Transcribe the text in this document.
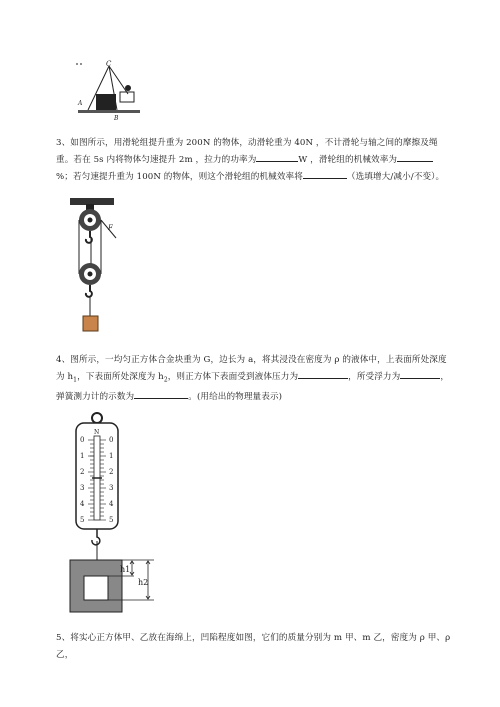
C
A
B
3、如图所示，用滑轮组提升重为 200N 的物体，动滑轮重为 40N ，不计滑轮与轴之间的摩擦及绳
重。若在 5s 内将物体匀速提升 2m ，拉力的功率为	W ，滑轮组的机械效率为
%；若匀速提升重为 100N 的物体，则这个滑轮组的机械效率将	（选填增大/减小/不变）。
F
4、图所示，一均匀正方体合金块重为 G，边长为 a，将其浸没在密度为 ρ 的液体中，上表面所处深度
为 $h_1$，下表面所处深度为 $h_2$，则正方体下表面受到液体压力为	，所受浮力为	，
弹簧测力计的示数为	。(用给出的物理量表示)
N
0
1
2
3
4
5
0
1
2
3
4
5
h1
h2
5、将实心正方体甲、乙放在海绵上，凹陷程度如图，它们的质量分别为 m 甲、m 乙，密度为 ρ 甲、ρ 乙，
